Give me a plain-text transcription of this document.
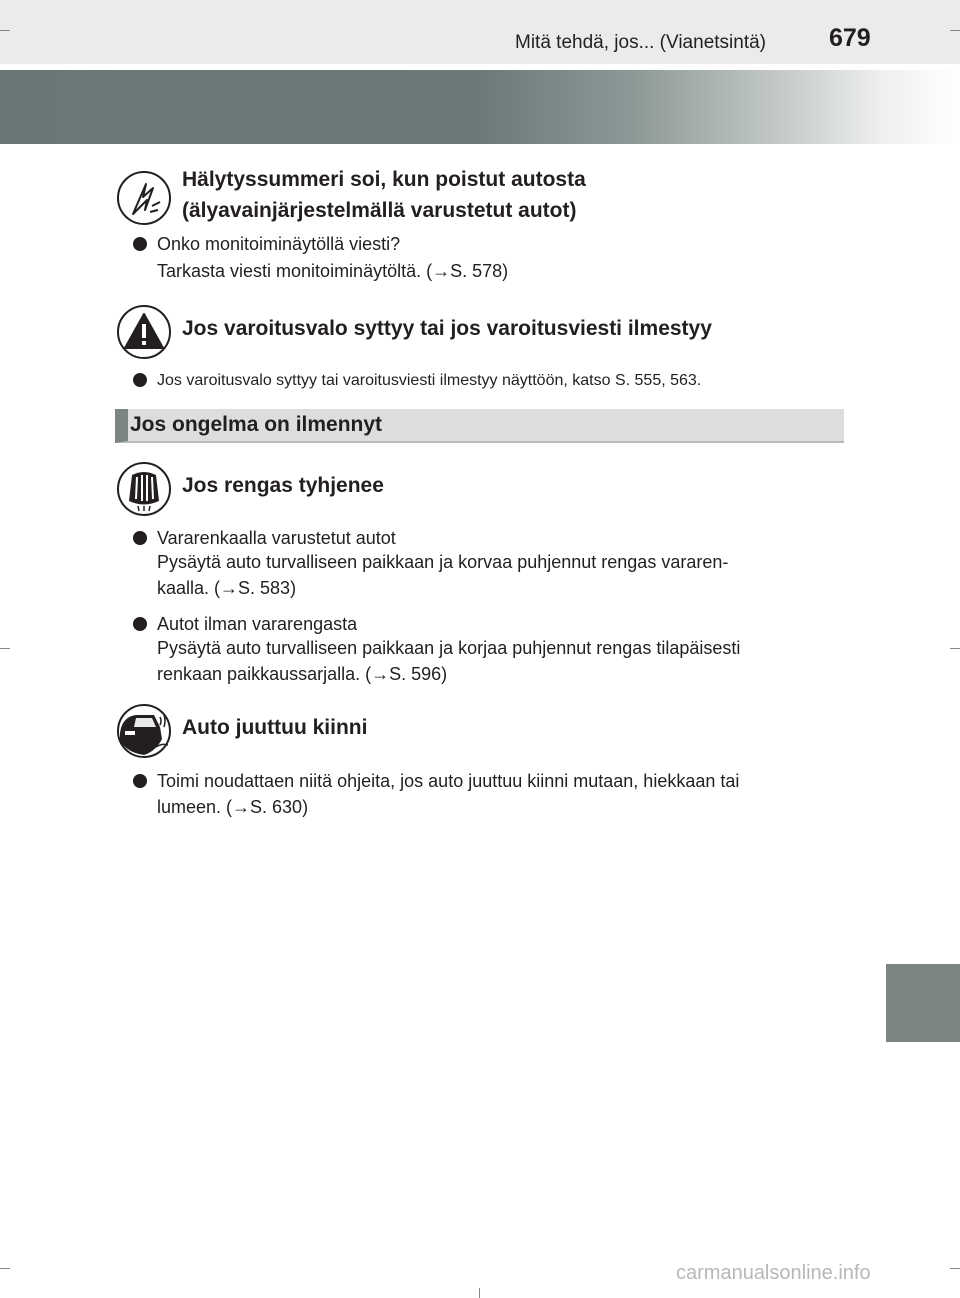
Mitä tehdä, jos... (Vianetsintä)	679
Hälytyssummeri soi, kun poistut autosta
(älyavainjärjestelmällä varustetut autot)
Onko monitoiminäytöllä viesti?
Tarkasta viesti monitoiminäytöltä. (→S. 578)
Jos varoitusvalo syttyy tai jos varoitusviesti ilmestyy
Jos varoitusvalo syttyy tai varoitusviesti ilmestyy näyttöön, katso S. 555, 563.
Jos ongelma on ilmennyt
Jos rengas tyhjenee
Vararenkaalla varustetut autot
Pysäytä auto turvalliseen paikkaan ja korvaa puhjennut rengas vararen-
kaalla. (→S. 583)
Autot ilman vararengasta
Pysäytä auto turvalliseen paikkaan ja korjaa puhjennut rengas tilapäisesti
renkaan paikkaussarjalla. (→S. 596)
Auto juuttuu kiinni
Toimi noudattaen niitä ohjeita, jos auto juuttuu kiinni mutaan, hiekkaan tai
lumeen. (→S. 630)
carmanualsonline.info
